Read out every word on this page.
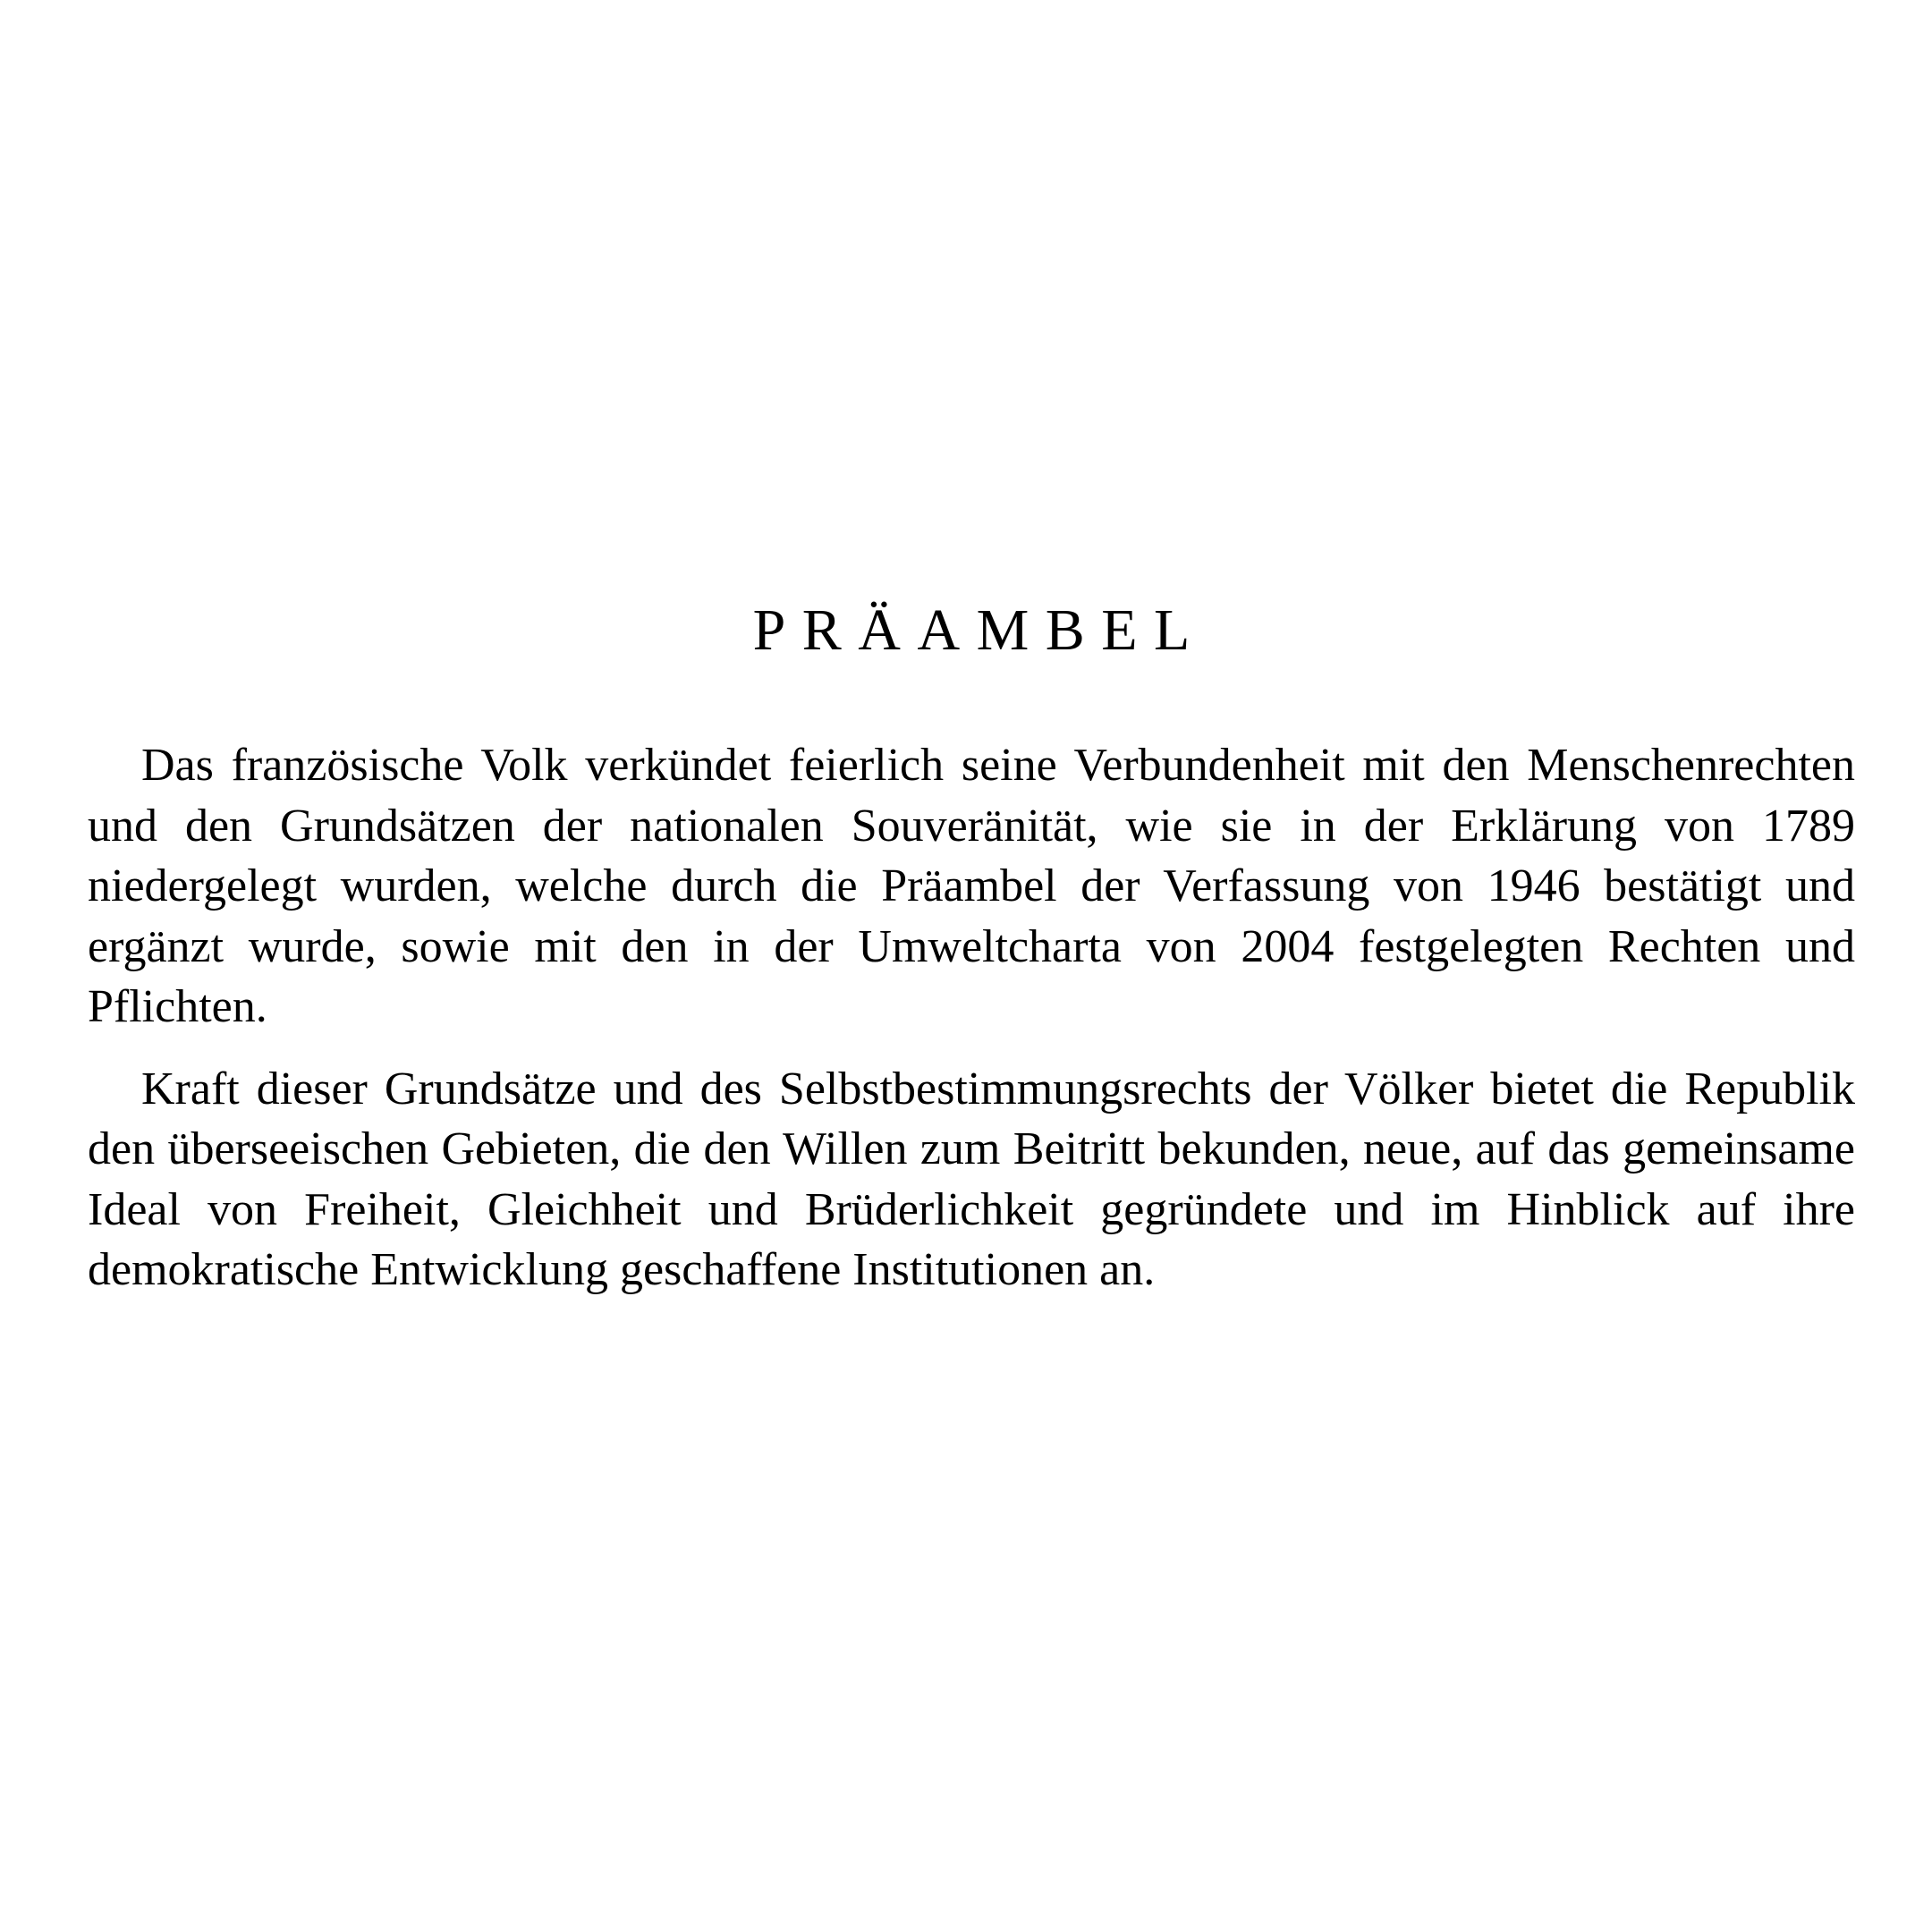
PRÄAMBEL

Das französische Volk verkündet feierlich seine Verbundenheit mit den Menschenrechten und den Grundsätzen der nationalen Souveränität, wie sie in der Erklärung von 1789 niedergelegt wurden, welche durch die Präambel der Verfassung von 1946 bestätigt und ergänzt wurde, sowie mit den in der Umweltcharta von 2004 festgelegten Rechten und Pflichten.

Kraft dieser Grundsätze und des Selbstbestimmungsrechts der Völker bietet die Republik den überseeischen Gebieten, die den Willen zum Beitritt bekunden, neue, auf das gemeinsame Ideal von Freiheit, Gleichheit und Brüderlichkeit gegründete und im Hinblick auf ihre demokratische Entwicklung geschaffene Institutionen an.
